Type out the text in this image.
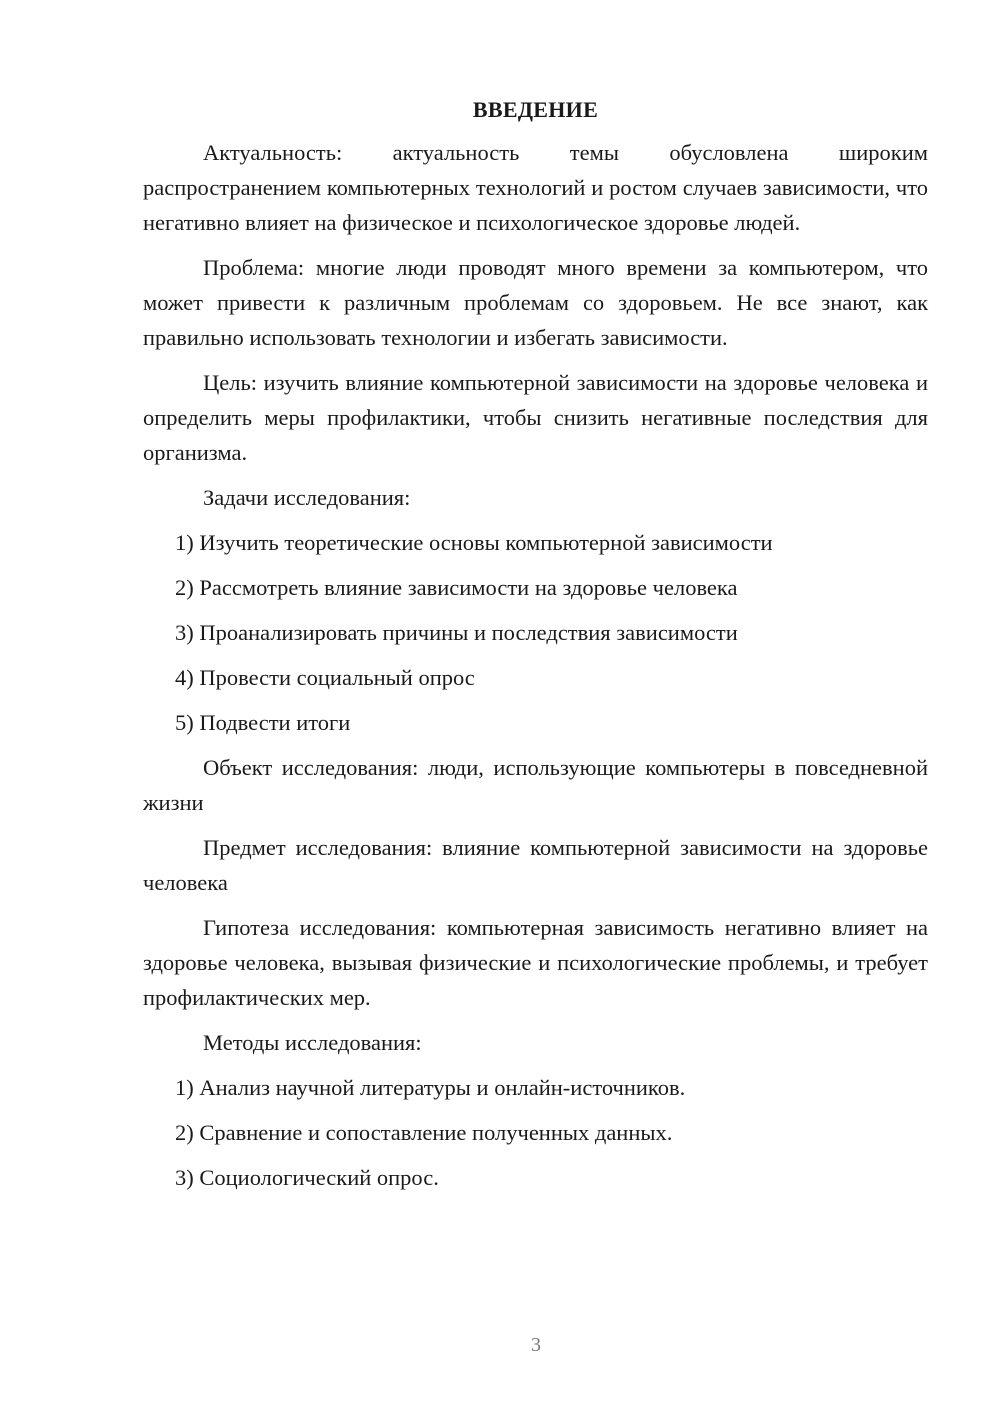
ВВЕДЕНИЕ

Актуальность: актуальность темы обусловлена широким распространением компьютерных технологий и ростом случаев зависимости, что негативно влияет на физическое и психологическое здоровье людей.

Проблема: многие люди проводят много времени за компьютером, что может привести к различным проблемам со здоровьем. Не все знают, как правильно использовать технологии и избегать зависимости.

Цель: изучить влияние компьютерной зависимости на здоровье человека и определить меры профилактики, чтобы снизить негативные последствия для организма.

Задачи исследования:

1) Изучить теоретические основы компьютерной зависимости
2) Рассмотреть влияние зависимости на здоровье человека
3) Проанализировать причины и последствия зависимости
4) Провести социальный опрос
5) Подвести итоги

Объект исследования: люди, использующие компьютеры в повседневной жизни

Предмет исследования: влияние компьютерной зависимости на здоровье человека

Гипотеза исследования: компьютерная зависимость негативно влияет на здоровье человека, вызывая физические и психологические проблемы, и требует профилактических мер.

Методы исследования:

1) Анализ научной литературы и онлайн-источников.
2) Сравнение и сопоставление полученных данных.
3) Социологический опрос.
3
